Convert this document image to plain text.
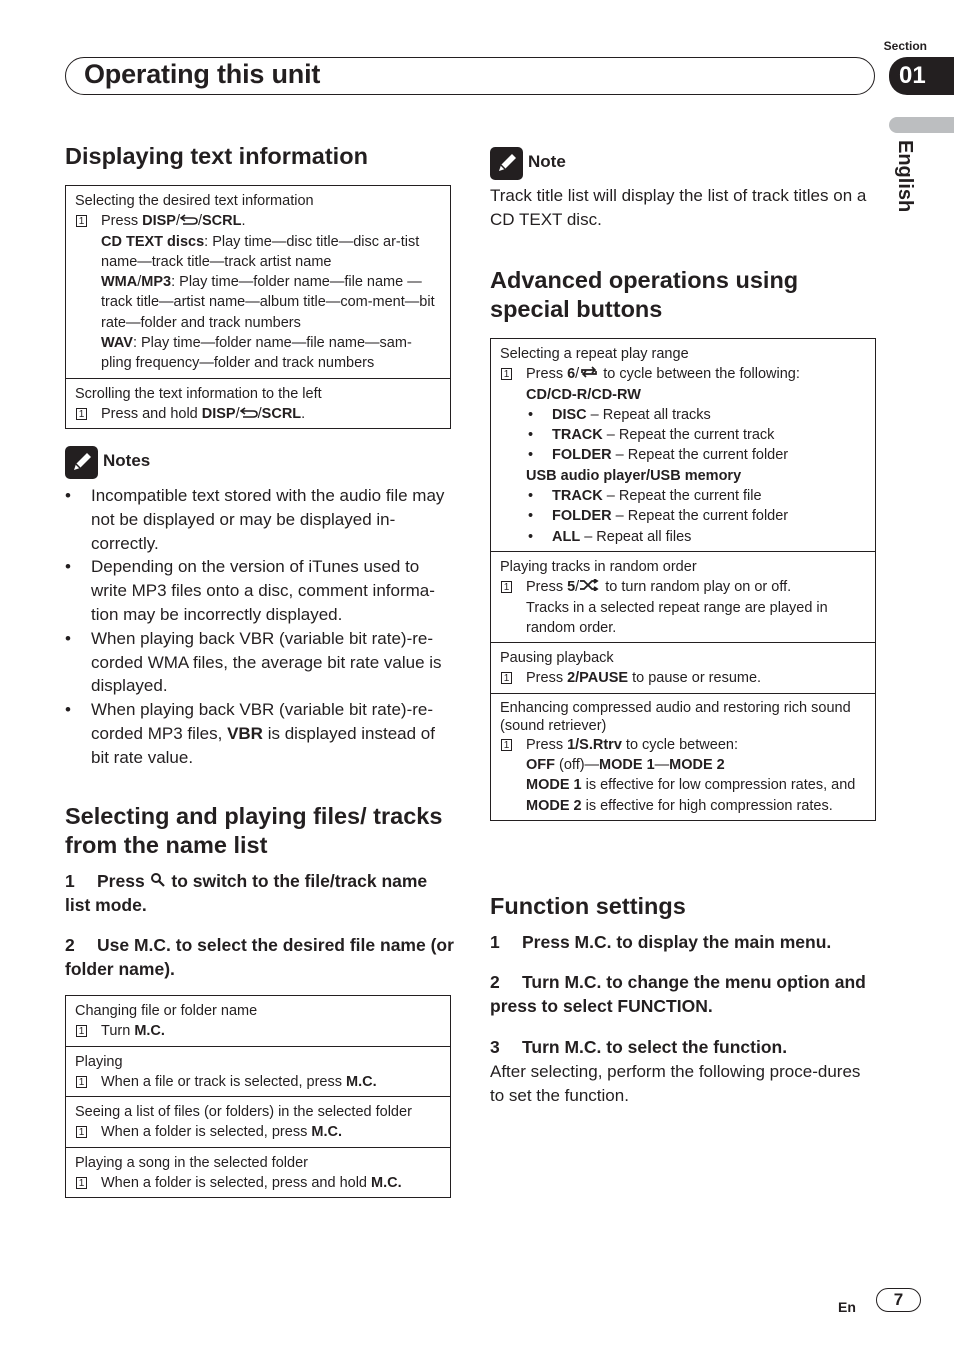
Section
Operating this unit	01
English
Displaying text information
Selecting the desired text information
1 Press DISP/ /SCRL.
CD TEXT discs: Play time—disc title—disc ar-tist name—track title—track artist name
WMA/MP3: Play time—folder name—file name —track title—artist name—album title—com-ment—bit rate—folder and track numbers
WAV: Play time—folder name—file name—sam-pling frequency—folder and track numbers
Scrolling the text information to the left
1 Press and hold DISP/ /SCRL.
Notes
• Incompatible text stored with the audio file may not be displayed or may be displayed in-correctly.
• Depending on the version of iTunes used to write MP3 files onto a disc, comment informa-tion may be incorrectly displayed.
• When playing back VBR (variable bit rate)-re-corded WMA files, the average bit rate value is displayed.
• When playing back VBR (variable bit rate)-re-corded MP3 files, VBR is displayed instead of bit rate value.
Selecting and playing files/ tracks from the name list
1 Press  to switch to the file/track name list mode.
2 Use M.C. to select the desired file name (or folder name).
Changing file or folder name
1 Turn M.C.
Playing
1 When a file or track is selected, press M.C.
Seeing a list of files (or folders) in the selected folder
1 When a folder is selected, press M.C.
Playing a song in the selected folder
1 When a folder is selected, press and hold M.C.
Note
Track title list will display the list of track titles on a CD TEXT disc.
Advanced operations using special buttons
Selecting a repeat play range
1 Press 6/ to cycle between the following:
CD/CD-R/CD-RW
• DISC – Repeat all tracks
• TRACK – Repeat the current track
• FOLDER – Repeat the current folder
USB audio player/USB memory
• TRACK – Repeat the current file
• FOLDER – Repeat the current folder
• ALL – Repeat all files
Playing tracks in random order
1 Press 5/ to turn random play on or off.
Tracks in a selected repeat range are played in random order.
Pausing playback
1 Press 2/PAUSE to pause or resume.
Enhancing compressed audio and restoring rich sound (sound retriever)
1 Press 1/S.Rtrv to cycle between:
OFF (off)—MODE 1—MODE 2
MODE 1 is effective for low compression rates, and MODE 2 is effective for high compression rates.
Function settings
1 Press M.C. to display the main menu.
2 Turn M.C. to change the menu option and press to select FUNCTION.
3 Turn M.C. to select the function.
After selecting, perform the following proce-dures to set the function.
En	7
